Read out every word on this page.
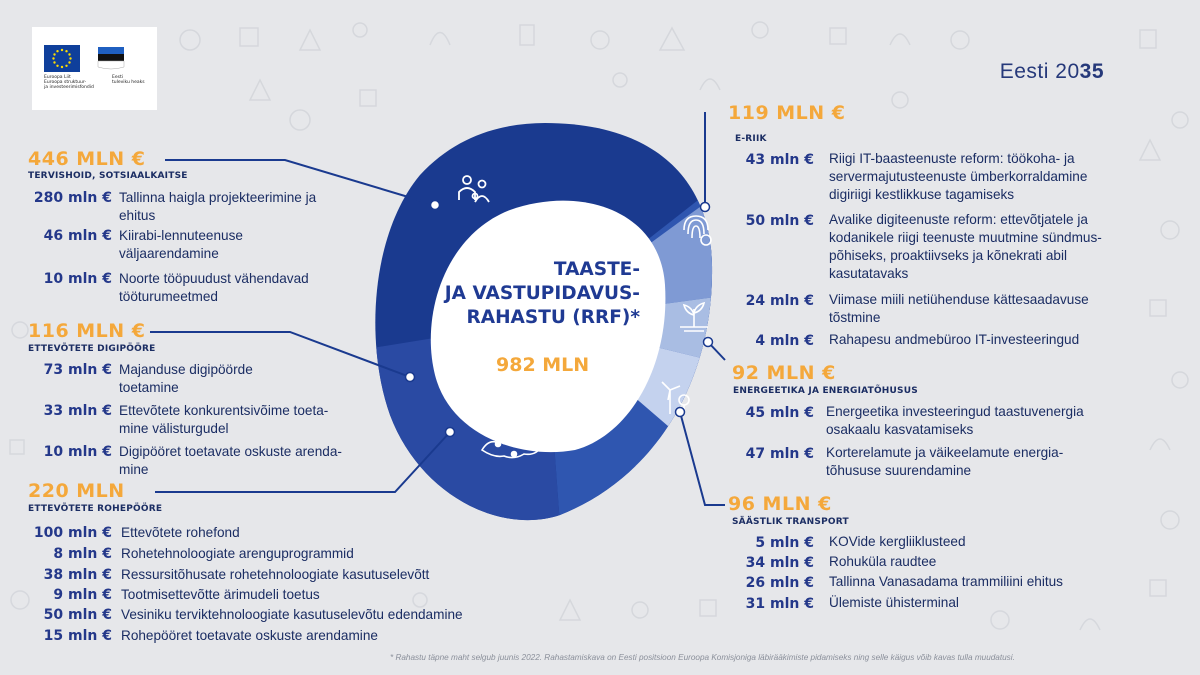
Euroopa Liit
Euroopa struktuur-
ja investeerimisfondid
Eesti
tuleviku heaks	Eesti 2035
TAASTE-
JA VASTUPIDAVUS-
RAHASTU (RRF)*
982 MLN
446 MLN €
TERVISHOID, SOTSIAALKAITSE
280 mln € Tallinna haigla projekteerimine ja
ehitus
46 mln € Kiirabi-lennuteenuse
väljaarendamine
10 mln € Noorte tööpuudust vähendavad
tööturumeetmed
116 MLN €
ETTEVÕTETE DIGIPÖÖRE
73 mln € Majanduse digipöörde
toetamine
33 mln € Ettevõtete konkurentsivõime toeta-
mine välisturgudel
10 mln € Digipööret toetavate oskuste arenda-
mine
220 MLN
ETTEVÕTETE ROHEPÖÖRE
100 mln € Ettevõtete rohefond
8 mln € Rohetehnoloogiate arenguprogrammid
38 mln € Ressursitõhusate rohetehnoloogiate kasutuselevõtt
9 mln € Tootmisettevõtte ärimudeli toetus
50 mln € Vesiniku terviktehnoloogiate kasutuselevõtu edendamine
15 mln € Rohepööret toetavate oskuste arendamine
119 MLN €
E-RIIK
43 mln € Riigi IT-baasteenuste reform: töökoha- ja
servermajutusteenuste ümberkorraldamine
digiriigi kestlikkuse tagamiseks
50 mln € Avalike digiteenuste reform: ettevõtjatele ja
kodanikele riigi teenuste muutmine sündmus-
põhiseks, proaktiivseks ja kõnekrati abil
kasutatavaks
24 mln € Viimase miili netiühenduse kättesaadavuse
tõstmine
4 mln € Rahapesu andmebüroo IT-investeeringud
92 MLN €
ENERGEETIKA JA ENERGIATÕHUSUS
45 mln € Energeetika investeeringud taastuvenergia
osakaalu kasvatamiseks
47 mln € Korterelamute ja väikeelamute energia-
tõhususe suurendamine
96 MLN €
SÄÄSTLIK TRANSPORT
5 mln € KOVide kergliiklusteed
34 mln € Rohuküla raudtee
26 mln € Tallinna Vanasadama trammiliini ehitus
31 mln € Ülemiste ühisterminal
* Rahastu täpne maht selgub juunis 2022. Rahastamiskava on Eesti positsioon Euroopa Komisjoniga läbirääkimiste pidamiseks ning selle käigus võib kavas tulla muudatusi.
